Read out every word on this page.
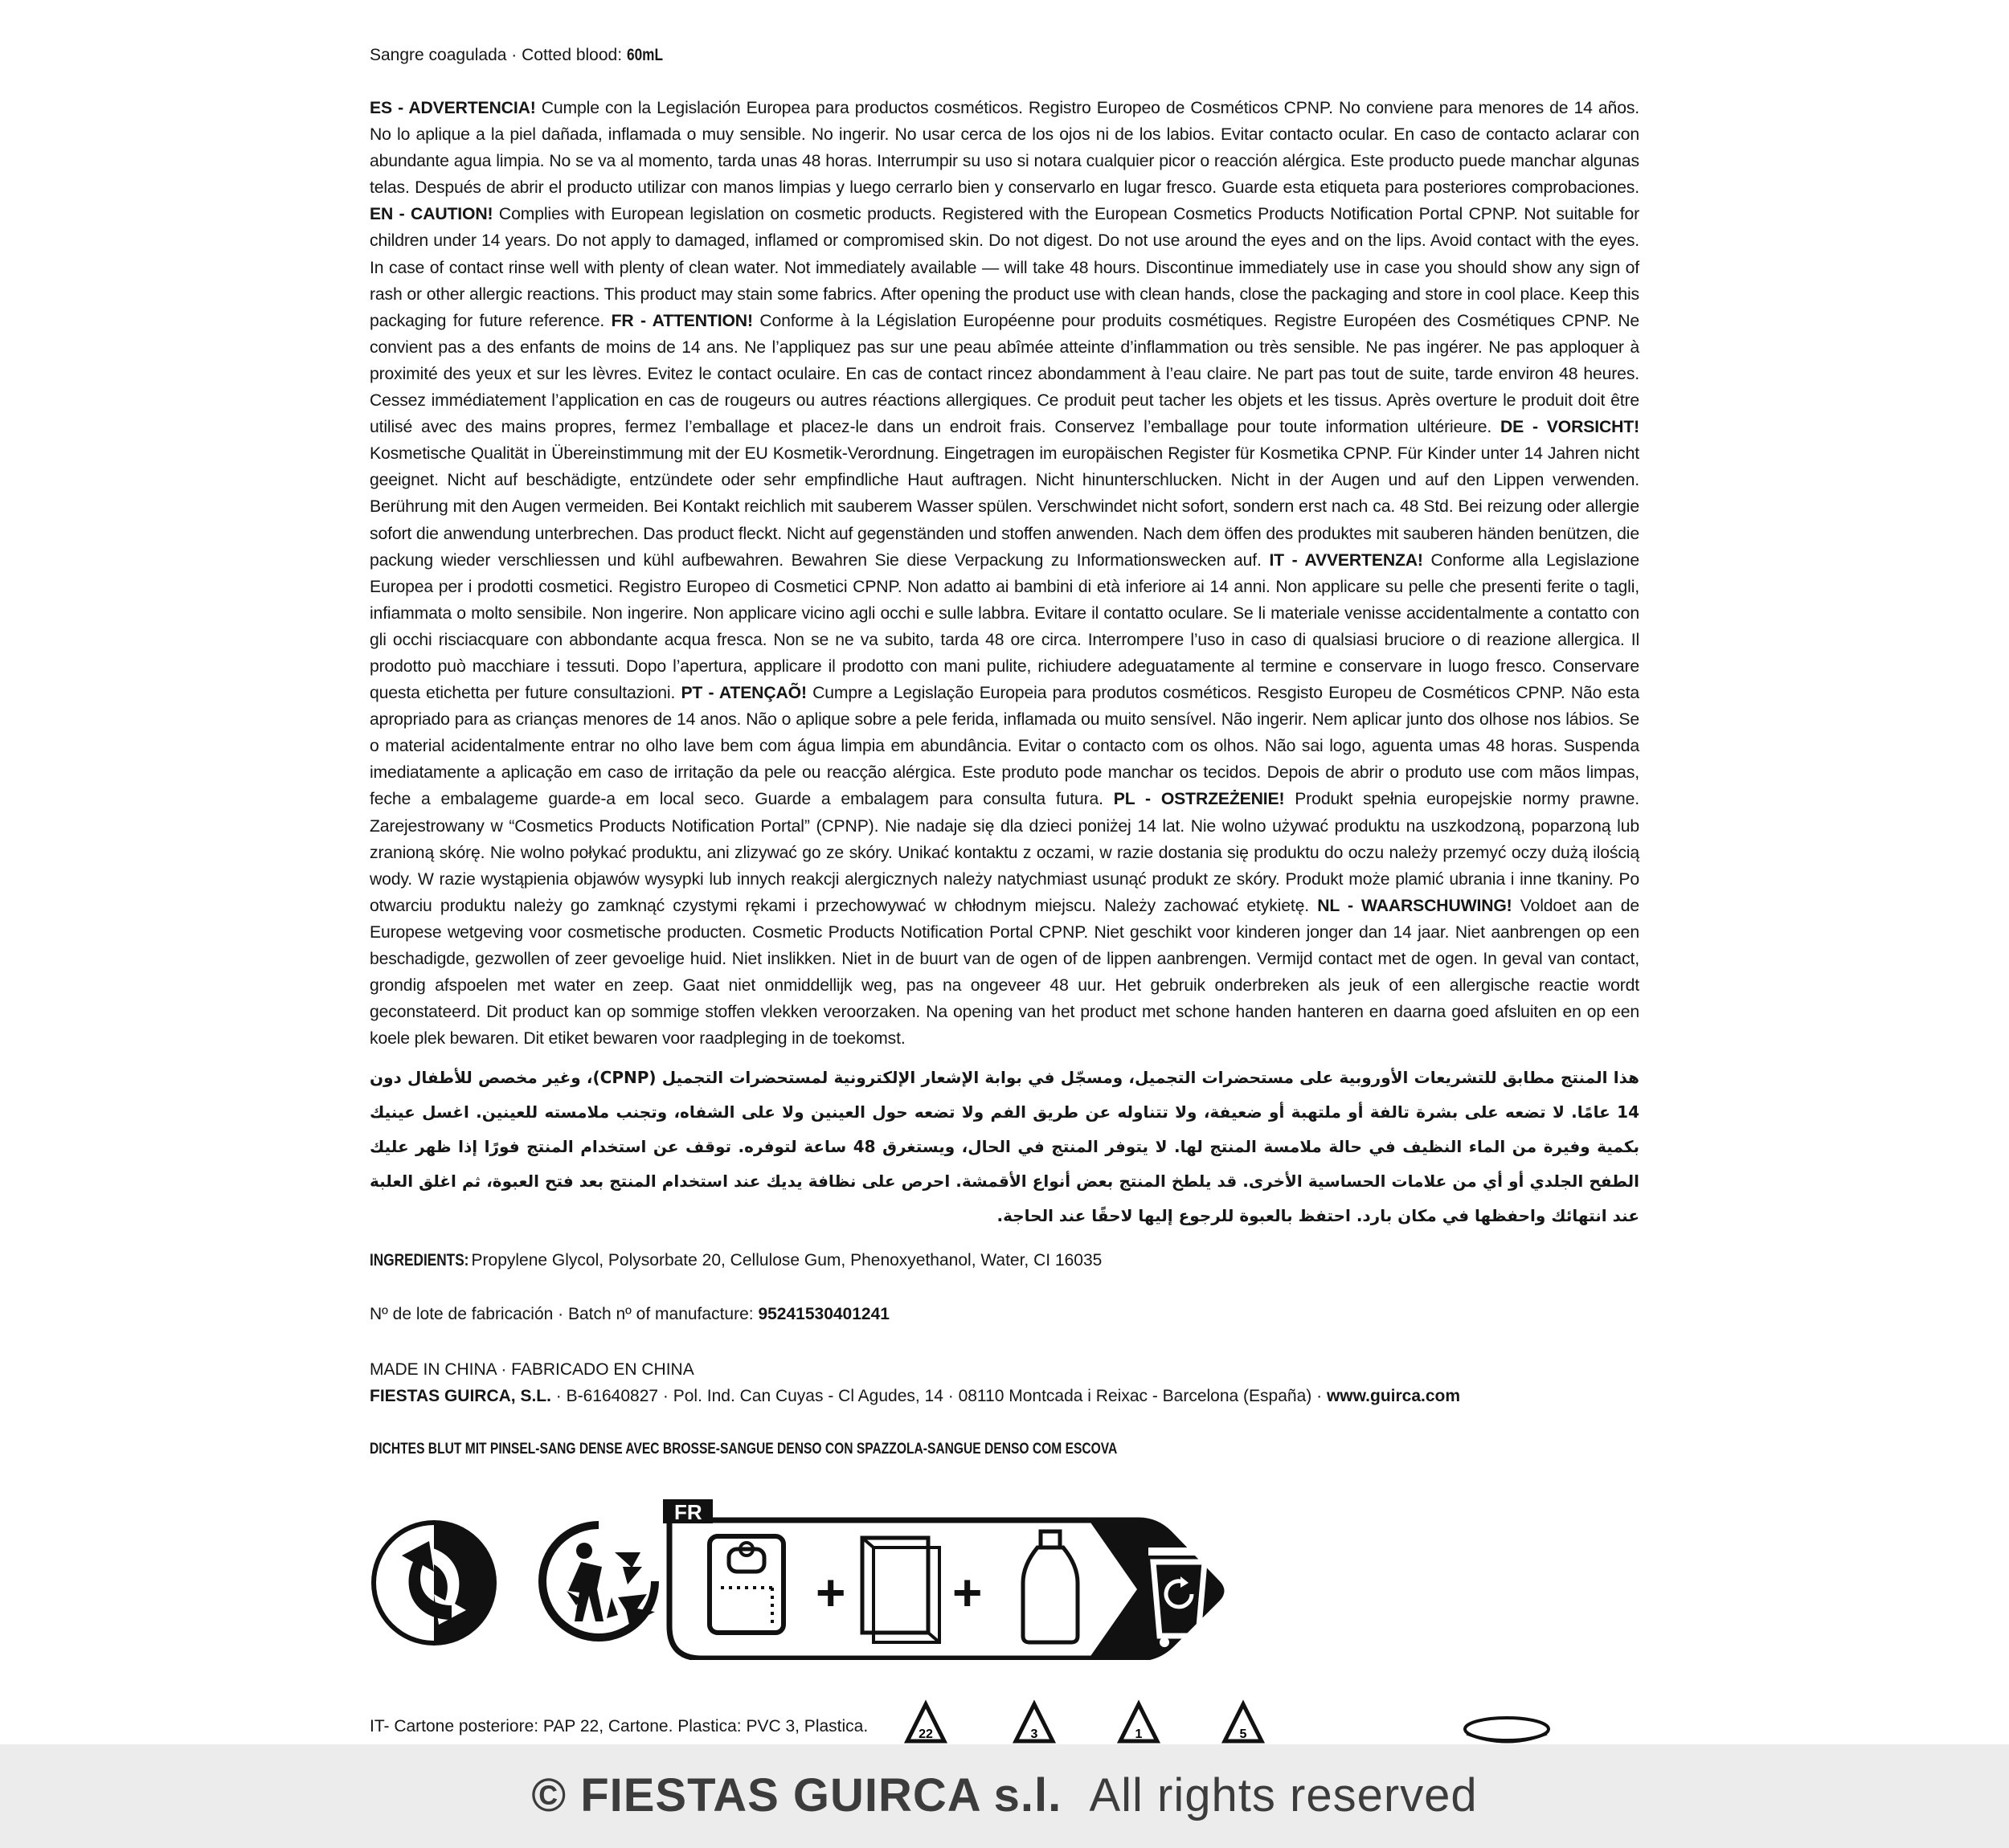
Sangre coagulada · Cotted blood: 60mL
ES - ADVERTENCIA! Cumple con la Legislación Europea para productos cosméticos. Registro Europeo de Cosméticos CPNP. No conviene para menores de 14 años. No lo aplique a la piel dañada, inflamada o muy sensible. No ingerir. No usar cerca de los ojos ni de los labios. Evitar contacto ocular. En caso de contacto aclarar con abundante agua limpia. No se va al momento, tarda unas 48 horas. Interrumpir su uso si notara cualquier picor o reacción alérgica. Este producto puede manchar algunas telas. Después de abrir el producto utilizar con manos limpias y luego cerrarlo bien y conservarlo en lugar fresco. Guarde esta etiqueta para posteriores comprobaciones. EN - CAUTION! Complies with European legislation on cosmetic products. Registered with the European Cosmetics Products Notification Portal CPNP. Not suitable for children under 14 years. Do not apply to damaged, inflamed or compromised skin. Do not digest. Do not use around the eyes and on the lips. Avoid contact with the eyes. In case of contact rinse well with plenty of clean water. Not immediately available — will take 48 hours. Discontinue immediately use in case you should show any sign of rash or other allergic reactions. This product may stain some fabrics. After opening the product use with clean hands, close the packaging and store in cool place. Keep this packaging for future reference. FR - ATTENTION! Conforme à la Législation Européenne pour produits cosmétiques. Registre Européen des Cosmétiques CPNP. Ne convient pas a des enfants de moins de 14 ans. Ne l’appliquez pas sur une peau abîmée atteinte d’inflammation ou très sensible. Ne pas ingérer. Ne pas apploquer à proximité des yeux et sur les lèvres. Evitez le contact oculaire. En cas de contact rincez abondamment à l’eau claire. Ne part pas tout de suite, tarde environ 48 heures. Cessez immédiatement l’application en cas de rougeurs ou autres réactions allergiques. Ce produit peut tacher les objets et les tissus. Après overture le produit doit être utilisé avec des mains propres, fermez l’emballage et placez-le dans un endroit frais. Conservez l’emballage pour toute information ultérieure. DE - VORSICHT! Kosmetische Qualität in Übereinstimmung mit der EU Kosmetik-Verordnung. Eingetragen im europäischen Register für Kosmetika CPNP. Für Kinder unter 14 Jahren nicht geeignet. Nicht auf beschädigte, entzündete oder sehr empfindliche Haut auftragen. Nicht hinunterschlucken. Nicht in der Augen und auf den Lippen verwenden. Berührung mit den Augen vermeiden. Bei Kontakt reichlich mit sauberem Wasser spülen. Verschwindet nicht sofort, sondern erst nach ca. 48 Std. Bei reizung oder allergie sofort die anwendung unterbrechen. Das product fleckt. Nicht auf gegenständen und stoffen anwenden. Nach dem öffen des produktes mit sauberen händen benützen, die packung wieder verschliessen und kühl aufbewahren. Bewahren Sie diese Verpackung zu Informationswecken auf. IT - AVVERTENZA! Conforme alla Legislazione Europea per i prodotti cosmetici. Registro Europeo di Cosmetici CPNP. Non adatto ai bambini di età inferiore ai 14 anni. Non applicare su pelle che presenti ferite o tagli, infiammata o molto sensibile. Non ingerire. Non applicare vicino agli occhi e sulle labbra. Evitare il contatto oculare. Se li materiale venisse accidentalmente a contatto con gli occhi risciacquare con abbondante acqua fresca. Non se ne va subito, tarda 48 ore circa. Interrompere l’uso in caso di qualsiasi bruciore o di reazione allergica. Il prodotto può macchiare i tessuti. Dopo l’apertura, applicare il prodotto con mani pulite, richiudere adeguatamente al termine e conservare in luogo fresco. Conservare questa etichetta per future consultazioni. PT - ATENÇAÕ! Cumpre a Legislação Europeia para produtos cosméticos. Resgisto Europeu de Cosméticos CPNP. Não esta apropriado para as crianças menores de 14 anos. Não o aplique sobre a pele ferida, inflamada ou muito sensível. Não ingerir. Nem aplicar junto dos olhose nos lábios. Se o material acidentalmente entrar no olho lave bem com água limpia em abundância. Evitar o contacto com os olhos. Não sai logo, aguenta umas 48 horas. Suspenda imediatamente a aplicação em caso de irritação da pele ou reacção alérgica. Este produto pode manchar os tecidos. Depois de abrir o produto use com mãos limpas, feche a embalageme guarde-a em local seco. Guarde a embalagem para consulta futura. PL - OSTRZEŻENIE! Produkt spełnia europejskie normy prawne. Zarejestrowany w “Cosmetics Products Notification Portal” (CPNP). Nie nadaje się dla dzieci poniżej 14 lat. Nie wolno używać produktu na uszkodzoną, poparzoną lub zranioną skórę. Nie wolno połykać produktu, ani zlizywać go ze skóry. Unikać kontaktu z oczami, w razie dostania się produktu do oczu należy przemyć oczy dużą ilością wody. W razie wystąpienia objawów wysypki lub innych reakcji alergicznych należy natychmiast usunąć produkt ze skóry. Produkt może plamić ubrania i inne tkaniny. Po otwarciu produktu należy go zamknąć czystymi rękami i przechowywać w chłodnym miejscu. Należy zachować etykietę. NL - WAARSCHUWING! Voldoet aan de Europese wetgeving voor cosmetische producten. Cosmetic Products Notification Portal CPNP. Niet geschikt voor kinderen jonger dan 14 jaar. Niet aanbrengen op een beschadigde, gezwollen of zeer gevoelige huid. Niet inslikken. Niet in de buurt van de ogen of de lippen aanbrengen. Vermijd contact met de ogen. In geval van contact, grondig afspoelen met water en zeep. Gaat niet onmiddellijk weg, pas na ongeveer 48 uur. Het gebruik onderbreken als jeuk of een allergische reactie wordt geconstateerd. Dit product kan op sommige stoffen vlekken veroorzaken. Na opening van het product met schone handen hanteren en daarna goed afsluiten en op een koele plek bewaren. Dit etiket bewaren voor raadpleging in de toekomst.
هذا المنتج مطابق للتشريعات الأوروبية على مستحضرات التجميل، ومسجّل في بوابة الإشعار الإلكترونية لمستحضرات التجميل (CPNP)، وغير مخصص للأطفال دون 14 عامًا. لا تضعه على بشرة تالفة أو ملتهبة أو ضعيفة، ولا تتناوله عن طريق الفم ولا تضعه حول العينين ولا على الشفاه، وتجنب ملامسته للعينين. اغسل عينيك بكمية وفيرة من الماء النظيف في حالة ملامسة المنتج لها. لا يتوفر المنتج في الحال، ويستغرق 48 ساعة لتوفره. توقف عن استخدام المنتج فورًا إذا ظهر عليك الطفح الجلدي أو أي من علامات الحساسية الأخرى. قد يلطخ المنتج بعض أنواع الأقمشة. احرص على نظافة يديك عند استخدام المنتج بعد فتح العبوة، ثم اغلق العلبة عند انتهائك واحفظها في مكان بارد. احتفظ بالعبوة للرجوع إليها لاحقًا عند الحاجة.
INGREDIENTS: Propylene Glycol, Polysorbate 20, Cellulose Gum, Phenoxyethanol, Water, CI 16035
Nº de lote de fabricación · Batch nº of manufacture: 95241530401241
MADE IN CHINA · FABRICADO EN CHINA
FIESTAS GUIRCA, S.L. · B-61640827 · Pol. Ind. Can Cuyas - Cl Agudes, 14 · 08110 Montcada i Reixac - Barcelona (España) · www.guirca.com
DICHTES BLUT MIT PINSEL-SANG DENSE AVEC BROSSE-SANGUE DENSO CON SPAZZOLA-SANGUE DENSO COM ESCOVA
FR
+ +
IT- Cartone posteriore: PAP 22, Cartone. Plastica: PVC 3, Plastica.	22	3	1	5
© FIESTAS GUIRCA s.l. All rights reserved
